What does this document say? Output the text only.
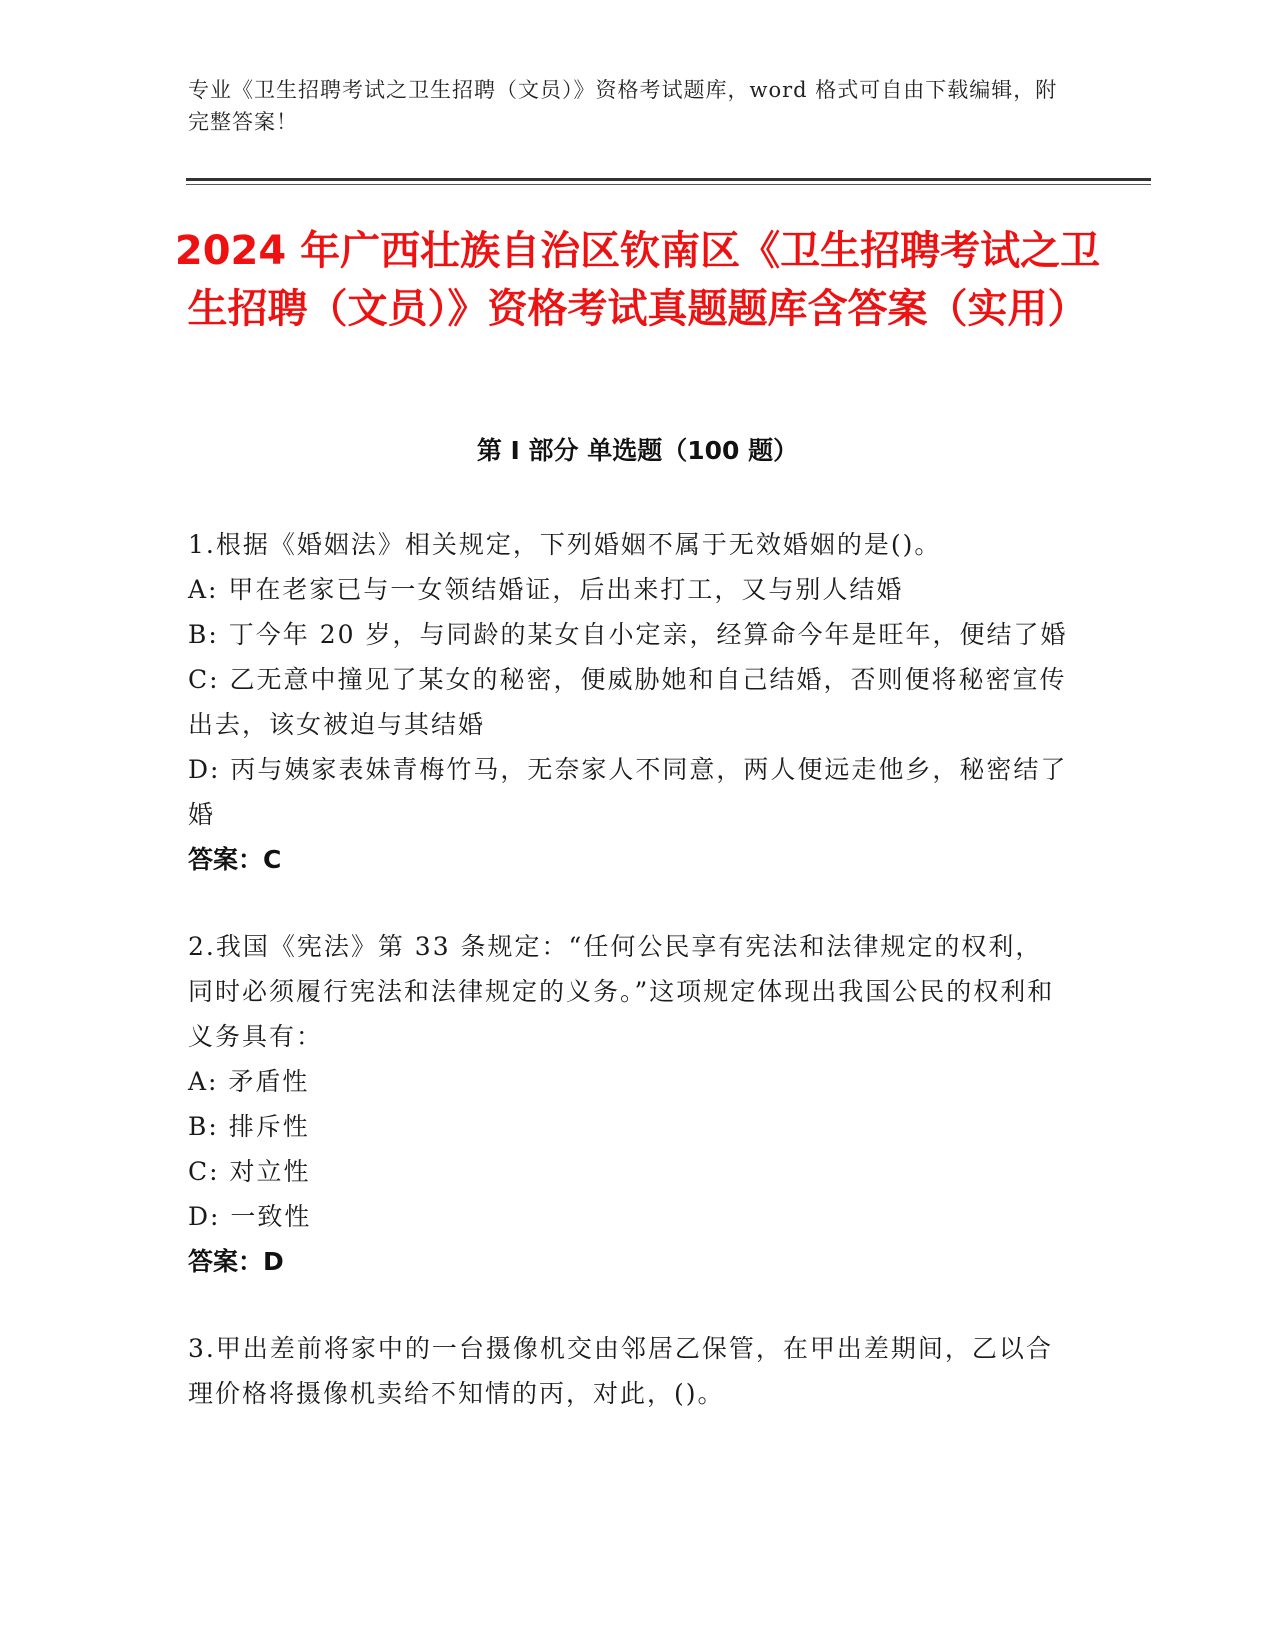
专业《卫生招聘考试之卫生招聘（文员）》资格考试题库，word 格式可自由下载编辑，附完整答案！
2024 年广西壮族自治区钦南区《卫生招聘考试之卫生招聘（文员）》资格考试真题题库含答案（实用）
第 I 部分 单选题（100 题）
1.根据《婚姻法》相关规定，下列婚姻不属于无效婚姻的是()。
A: 甲在老家已与一女领结婚证，后出来打工，又与别人结婚
B: 丁今年 20 岁，与同龄的某女自小定亲，经算命今年是旺年，便结了婚
C: 乙无意中撞见了某女的秘密，便威胁她和自己结婚，否则便将秘密宣传出去，该女被迫与其结婚
D: 丙与姨家表妹青梅竹马，无奈家人不同意，两人便远走他乡，秘密结了婚
答案：C
2.我国《宪法》第 33 条规定：“任何公民享有宪法和法律规定的权利，同时必须履行宪法和法律规定的义务。”这项规定体现出我国公民的权利和义务具有：
A: 矛盾性
B: 排斥性
C: 对立性
D: 一致性
答案：D
3.甲出差前将家中的一台摄像机交由邻居乙保管，在甲出差期间，乙以合理价格将摄像机卖给不知情的丙，对此，()。
